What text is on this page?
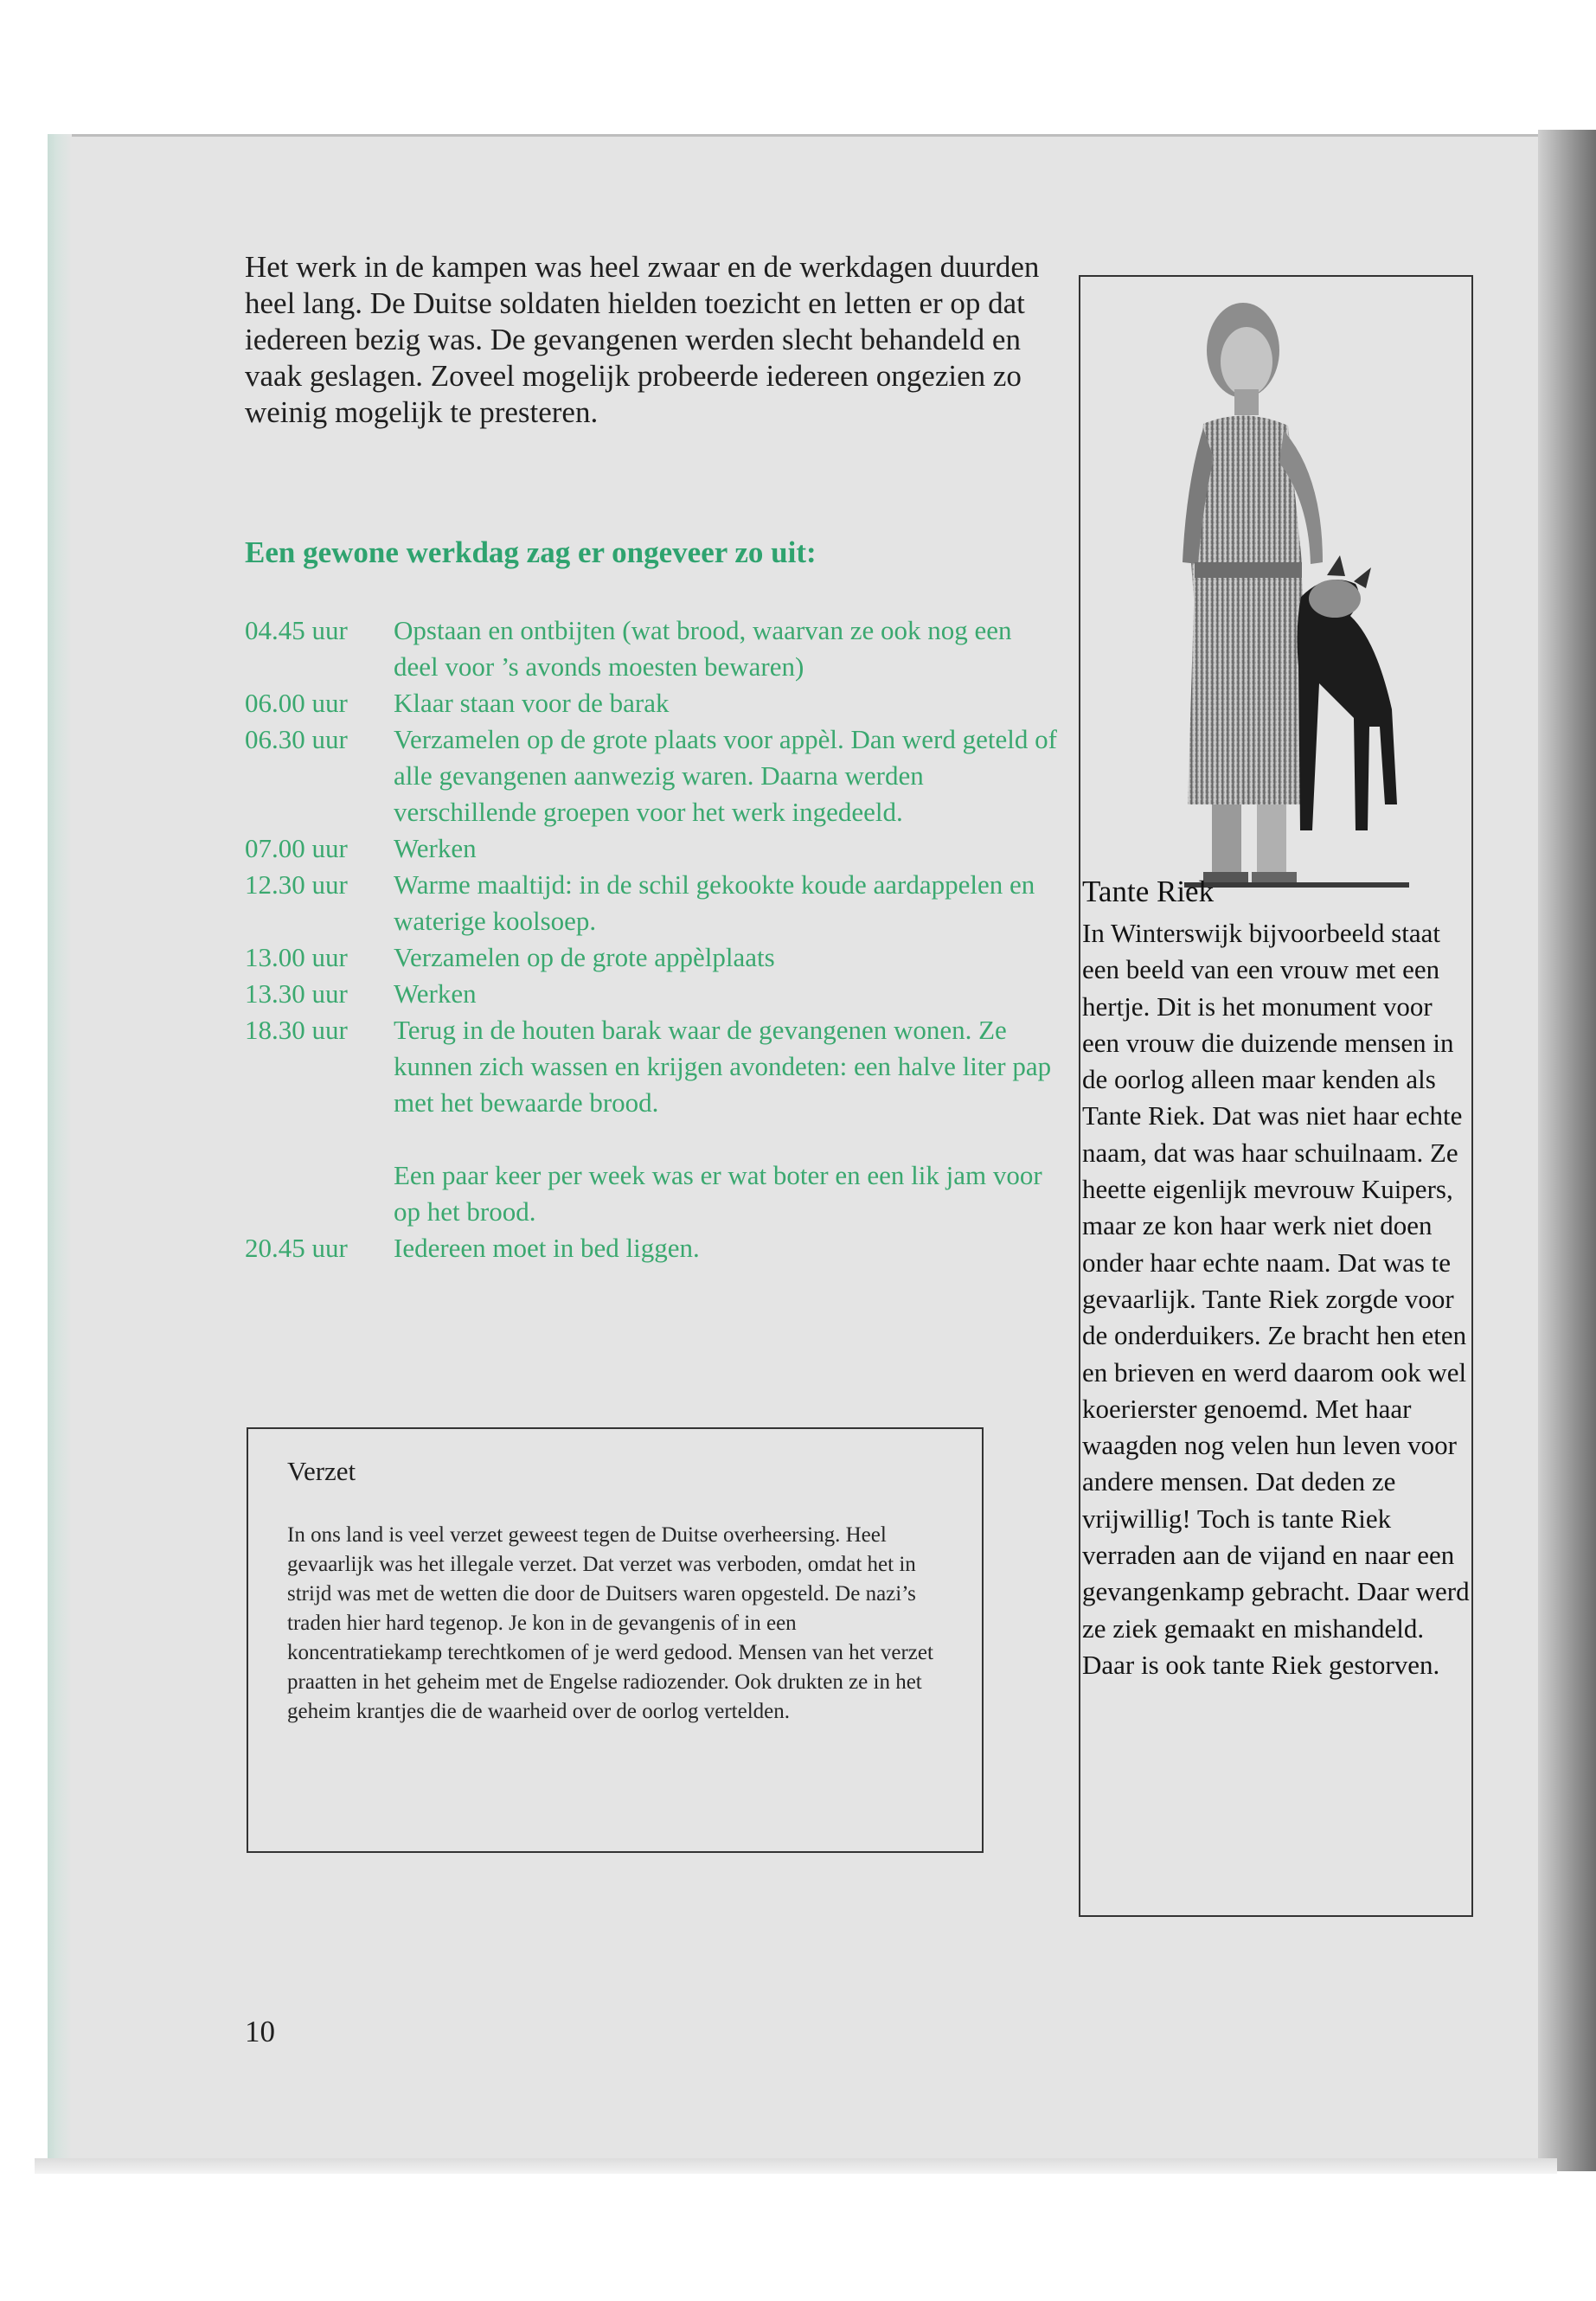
Het werk in de kampen was heel zwaar en de werkdagen duurden heel lang. De Duitse soldaten hielden toezicht en letten er op dat iedereen bezig was. De gevangenen werden slecht behandeld en vaak geslagen. Zoveel mogelijk probeerde iedereen ongezien zo weinig mogelijk te presteren.

Een gewone werkdag zag er ongeveer zo uit:

04.45 uur	Opstaan en ontbijten (wat brood, waarvan ze ook nog een deel voor ’s avonds moesten bewaren)
06.00 uur	Klaar staan voor de barak
06.30 uur	Verzamelen op de grote plaats voor appèl. Dan werd geteld of alle gevangenen aanwezig waren. Daarna werden verschillende groepen voor het werk ingedeeld.
07.00 uur	Werken
12.30 uur	Warme maaltijd: in de schil gekookte koude aardappelen en waterige koolsoep.
13.00 uur	Verzamelen op de grote appèlplaats
13.30 uur	Werken
18.30 uur	Terug in de houten barak waar de gevangenen wonen. Ze kunnen zich wassen en krijgen avondeten: een halve liter pap met het bewaarde brood.
Een paar keer per week was er wat boter en een lik jam voor op het brood.
20.45 uur	Iedereen moet in bed liggen.

Verzet

In ons land is veel verzet geweest tegen de Duitse overheersing. Heel gevaarlijk was het illegale verzet. Dat verzet was verboden, omdat het in strijd was met de wetten die door de Duitsers waren opgesteld. De nazi’s traden hier hard tegenop. Je kon in de gevangenis of in een koncentratiekamp terechtkomen of je werd gedood. Mensen van het verzet praatten in het geheim met de Engelse radiozender. Ook drukten ze in het geheim krantjes die de waarheid over de oorlog vertelden.

Tante Riek

In Winterswijk bijvoorbeeld staat een beeld van een vrouw met een hertje. Dit is het monument voor een vrouw die duizende mensen in de oorlog alleen maar kenden als Tante Riek. Dat was niet haar echte naam, dat was haar schuilnaam. Ze heette eigenlijk mevrouw Kuipers, maar ze kon haar werk niet doen onder haar echte naam. Dat was te gevaarlijk. Tante Riek zorgde voor de onderduikers. Ze bracht hen eten en brieven en werd daarom ook wel koerierster genoemd. Met haar waagden nog velen hun leven voor andere mensen. Dat deden ze vrijwillig! Toch is tante Riek verraden aan de vijand en naar een gevangenkamp gebracht. Daar werd ze ziek gemaakt en mishandeld. Daar is ook tante Riek gestorven.

10
